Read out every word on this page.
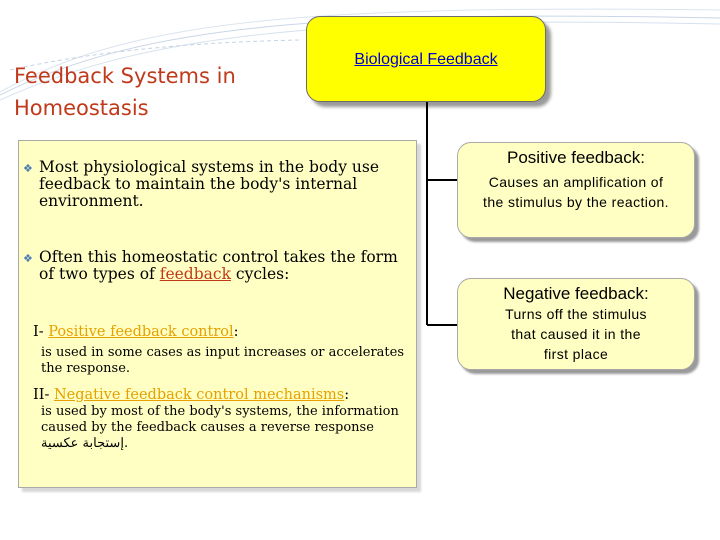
Feedback Systems in Homeostasis
Biological Feedback
❖ Most physiological systems in the body use feedback to maintain the body's internal environment.
❖ Often this homeostatic control takes the form of two types of feedback cycles:
I- Positive feedback control:
is used in some cases as input increases or accelerates the response.
II- Negative feedback control mechanisms:
is used by most of the body's systems, the information caused by the feedback causes a reverse response إستجابة عكسية.
Positive feedback:
Causes an amplification of the stimulus by the reaction.
Negative feedback:
Turns off the stimulus that caused it in the first place
